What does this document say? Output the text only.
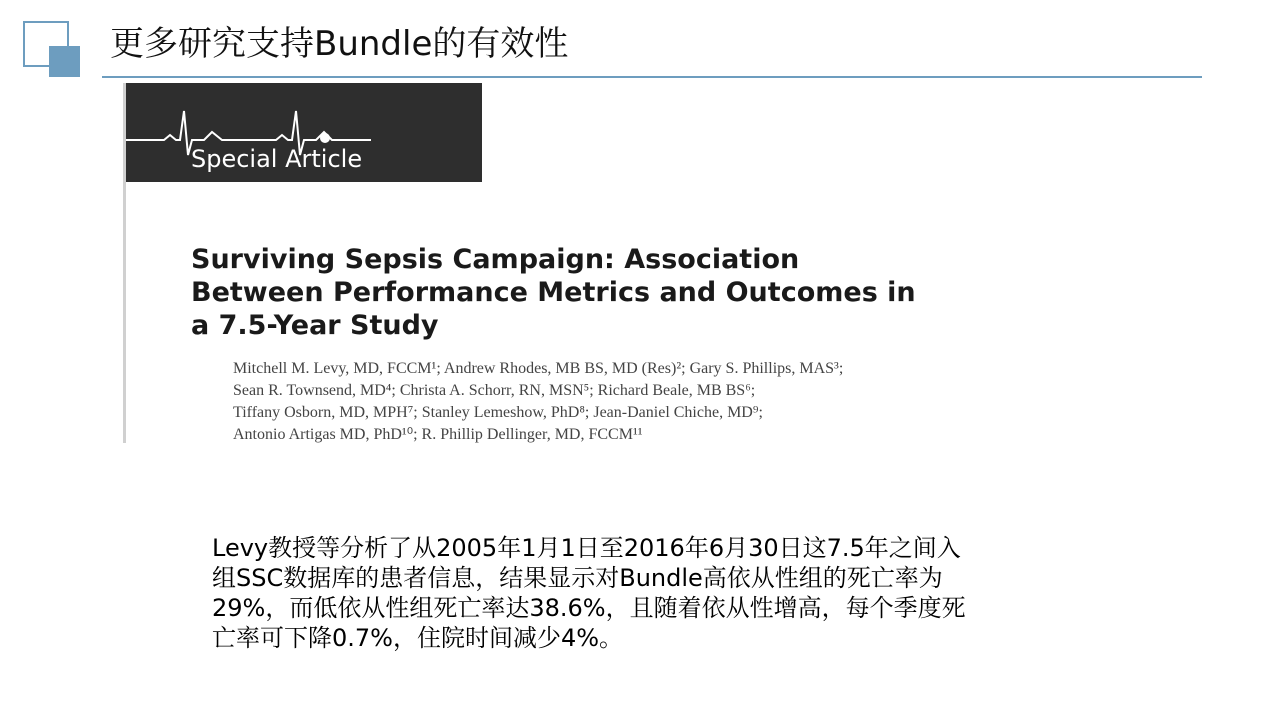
更多研究支持Bundle的有效性
Special Article
Surviving Sepsis Campaign: Association
Between Performance Metrics and Outcomes in
a 7.5-Year Study
Mitchell M. Levy, MD, FCCM¹; Andrew Rhodes, MB BS, MD (Res)²; Gary S. Phillips, MAS³;
Sean R. Townsend, MD⁴; Christa A. Schorr, RN, MSN⁵; Richard Beale, MB BS⁶;
Tiffany Osborn, MD, MPH⁷; Stanley Lemeshow, PhD⁸; Jean-Daniel Chiche, MD⁹;
Antonio Artigas MD, PhD¹⁰; R. Phillip Dellinger, MD, FCCM¹¹
Levy教授等分析了从2005年1月1日至2016年6月30日这7.5年之间入
组SSC数据库的患者信息，结果显示对Bundle高依从性组的死亡率为
29%，而低依从性组死亡率达38.6%，且随着依从性增高，每个季度死
亡率可下降0.7%，住院时间减少4%。
